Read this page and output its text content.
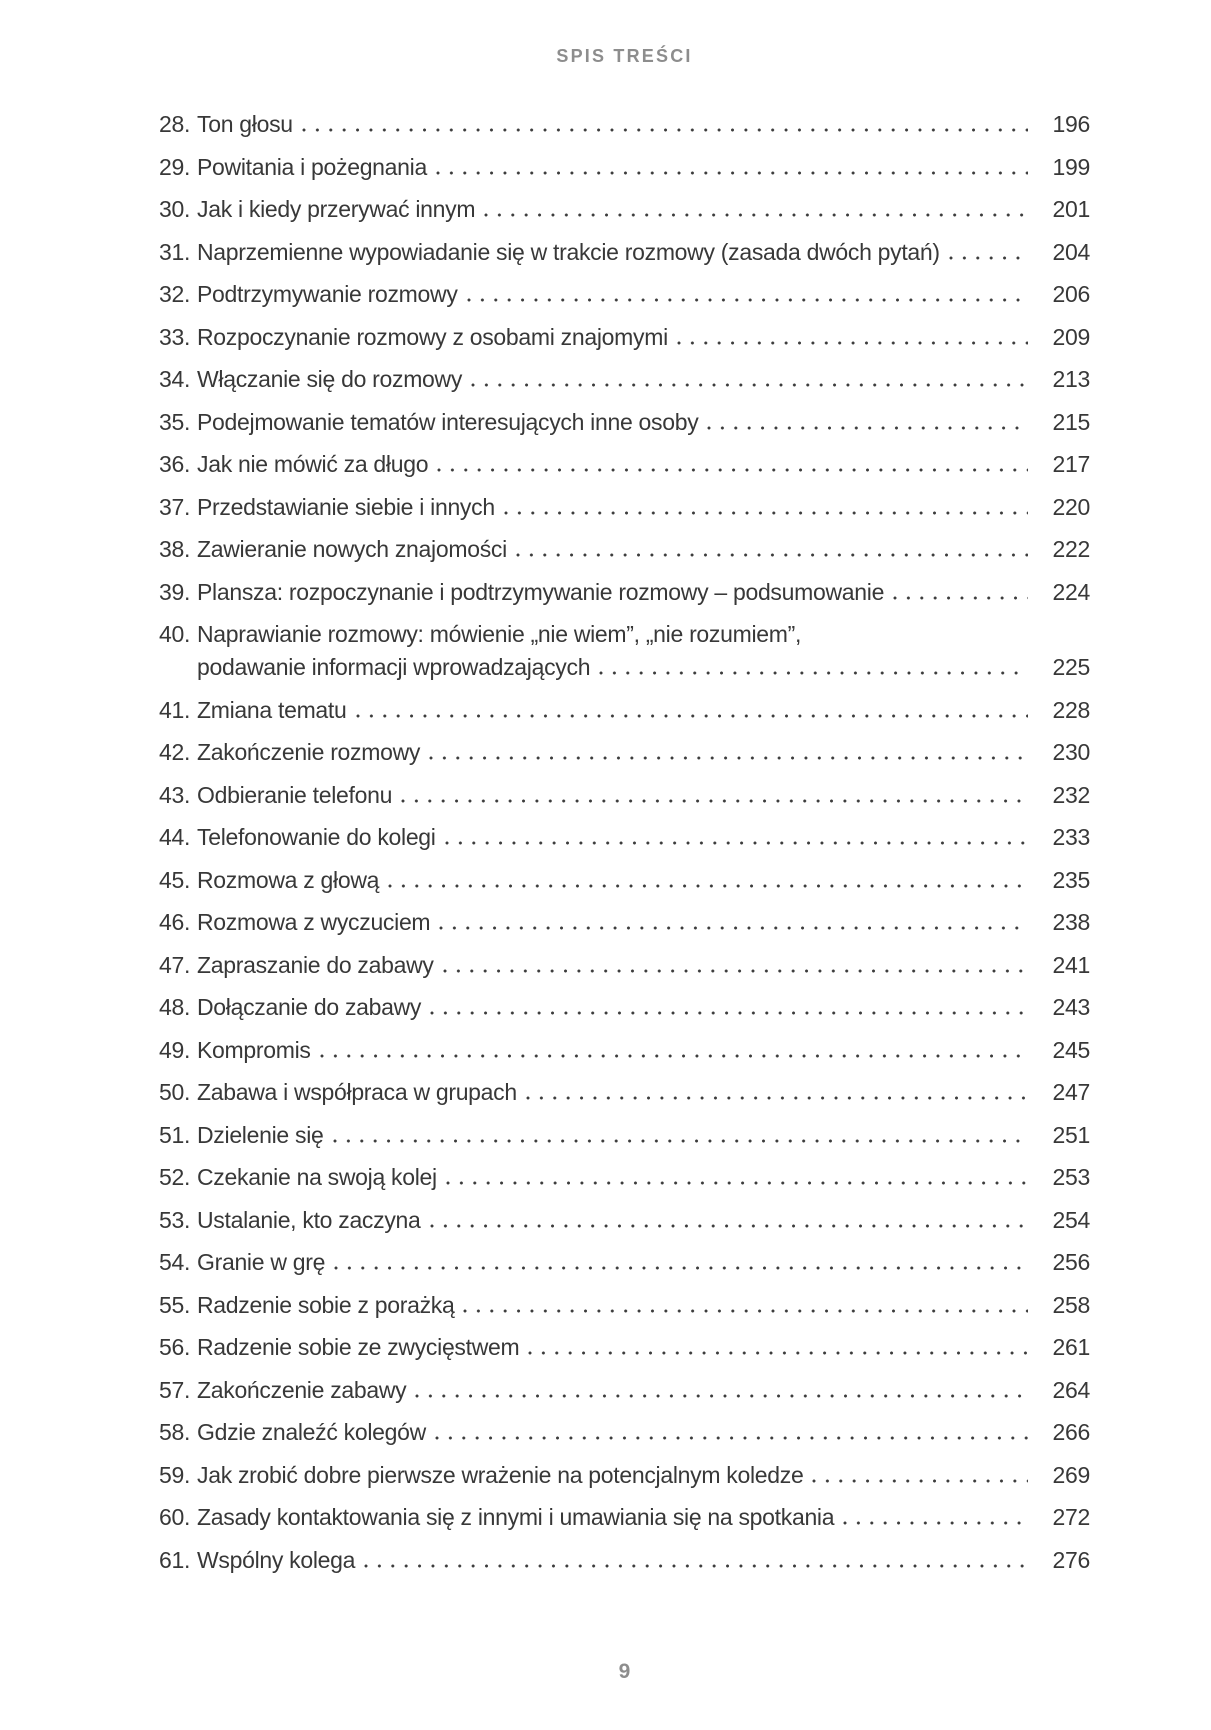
SPIS TREŚCI
28. Ton głosu	196
29. Powitania i pożegnania	199
30. Jak i kiedy przerywać innym	201
31. Naprzemienne wypowiadanie się w trakcie rozmowy (zasada dwóch pytań)	204
32. Podtrzymywanie rozmowy	206
33. Rozpoczynanie rozmowy z osobami znajomymi	209
34. Włączanie się do rozmowy	213
35. Podejmowanie tematów interesujących inne osoby	215
36. Jak nie mówić za długo	217
37. Przedstawianie siebie i innych	220
38. Zawieranie nowych znajomości	222
39. Plansza: rozpoczynanie i podtrzymywanie rozmowy – podsumowanie	224
40. Naprawianie rozmowy: mówienie „nie wiem”, „nie rozumiem”,
podawanie informacji wprowadzających	225
41. Zmiana tematu	228
42. Zakończenie rozmowy	230
43. Odbieranie telefonu	232
44. Telefonowanie do kolegi	233
45. Rozmowa z głową	235
46. Rozmowa z wyczuciem	238
47. Zapraszanie do zabawy	241
48. Dołączanie do zabawy	243
49. Kompromis	245
50. Zabawa i współpraca w grupach	247
51. Dzielenie się	251
52. Czekanie na swoją kolej	253
53. Ustalanie, kto zaczyna	254
54. Granie w grę	256
55. Radzenie sobie z porażką	258
56. Radzenie sobie ze zwycięstwem	261
57. Zakończenie zabawy	264
58. Gdzie znaleźć kolegów	266
59. Jak zrobić dobre pierwsze wrażenie na potencjalnym koledze	269
60. Zasady kontaktowania się z innymi i umawiania się na spotkania	272
61. Wspólny kolega	276
9
